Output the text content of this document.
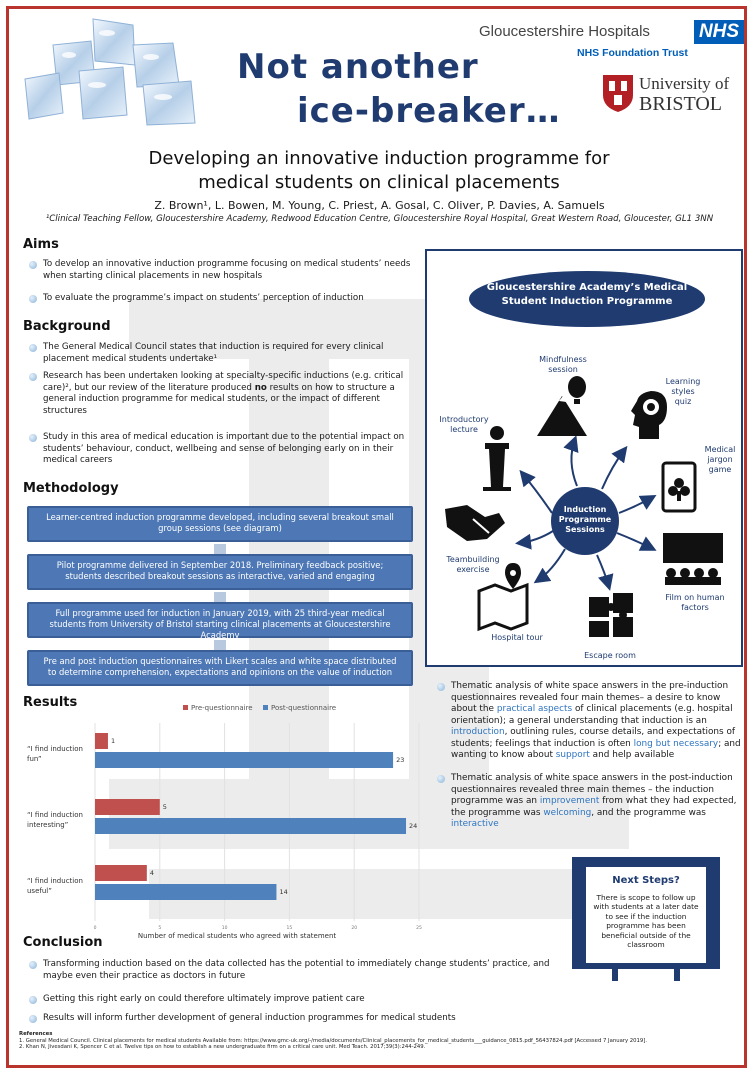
Not another
ice-breaker…
Gloucestershire Hospitals	NHS
NHS Foundation Trust
University of
BRISTOL
Developing an innovative induction programme for
medical students on clinical placements
Z. Brown¹, L. Bowen, M. Young, C. Priest, A. Gosal, C. Oliver, P. Davies, A. Samuels
¹Clinical Teaching Fellow, Gloucestershire Academy, Redwood Education Centre, Gloucestershire Royal Hospital, Great Western Road, Gloucester, GL1 3NN
Aims
To develop an innovative induction programme focusing on medical students’ needs when starting clinical placements in new hospitals
To evaluate the programme’s impact on students’ perception of induction
Background
The General Medical Council states that induction is required for every clinical placement medical students undertake¹
Research has been undertaken looking at specialty-specific inductions (e.g. critical care)², but our review of the literature produced no results on how to structure a general induction programme for medical students, or the impact of different structures
Study in this area of medical education is important due to the potential impact on students’ behaviour, conduct, wellbeing and sense of belonging early on in their medical careers
Methodology
Learner-centred induction programme developed, including several breakout small group sessions (see diagram)
Pilot programme delivered in September 2018. Preliminary feedback positive; students described breakout sessions as interactive, varied and engaging
Full programme used for induction in January 2019, with 25 third-year medical students from University of Bristol starting clinical placements at Gloucestershire Academy
Pre and post induction questionnaires with Likert scales and white space distributed to determine comprehension, expectations and opinions on the value of induction
Gloucestershire Academy’s Medical
Student Induction Programme
Induction
Programme
Sessions
Mindfulness
session
Learning
styles
quiz
Introductory
lecture
Medical
jargon
game
Teambuilding
exercise
Film on human
factors
Hospital tour
Escape room
Results
0	5	10	15	20	25
Number of medical students who agreed with statement
Pre-questionnaire	Post-questionnaire
1
23
“I find induction
fun”
5
24
“I find induction
interesting”
4
14
“I find induction
useful”
Thematic analysis of white space answers in the pre-induction questionnaires revealed four main themes– a desire to know about the practical aspects of clinical placements (e.g. hospital orientation); a general understanding that induction is an introduction, outlining rules, course details, and expectations of students; feelings that induction is often long but necessary; and wanting to know about support and help available
Thematic analysis of white space answers in the post-induction questionnaires revealed three main themes – the induction programme was an improvement from what they had expected, the programme was welcoming, and the programme was interactive
Next Steps?
There is scope to follow up with students at a later date to see if the induction programme has been beneficial outside of the classroom
Conclusion
Transforming induction based on the data collected has the potential to immediately change students’ practice, and maybe even their practice as doctors in future
Getting this right early on could therefore ultimately improve patient care
Results will inform further development of general induction programmes for medical students
References
1. General Medical Council. Clinical placements for medical students Available from: https://www.gmc-uk.org/-/media/documents/Clinical_placements_for_medical_students___guidance_0815.pdf_56437824.pdf [Accessed 7 January 2019].
2. Khan N, Jivesdani K, Spencer C et al. Twelve tips on how to establish a new undergraduate firm on a critical care unit. Med Teach. 2017;39(3):244-249.
